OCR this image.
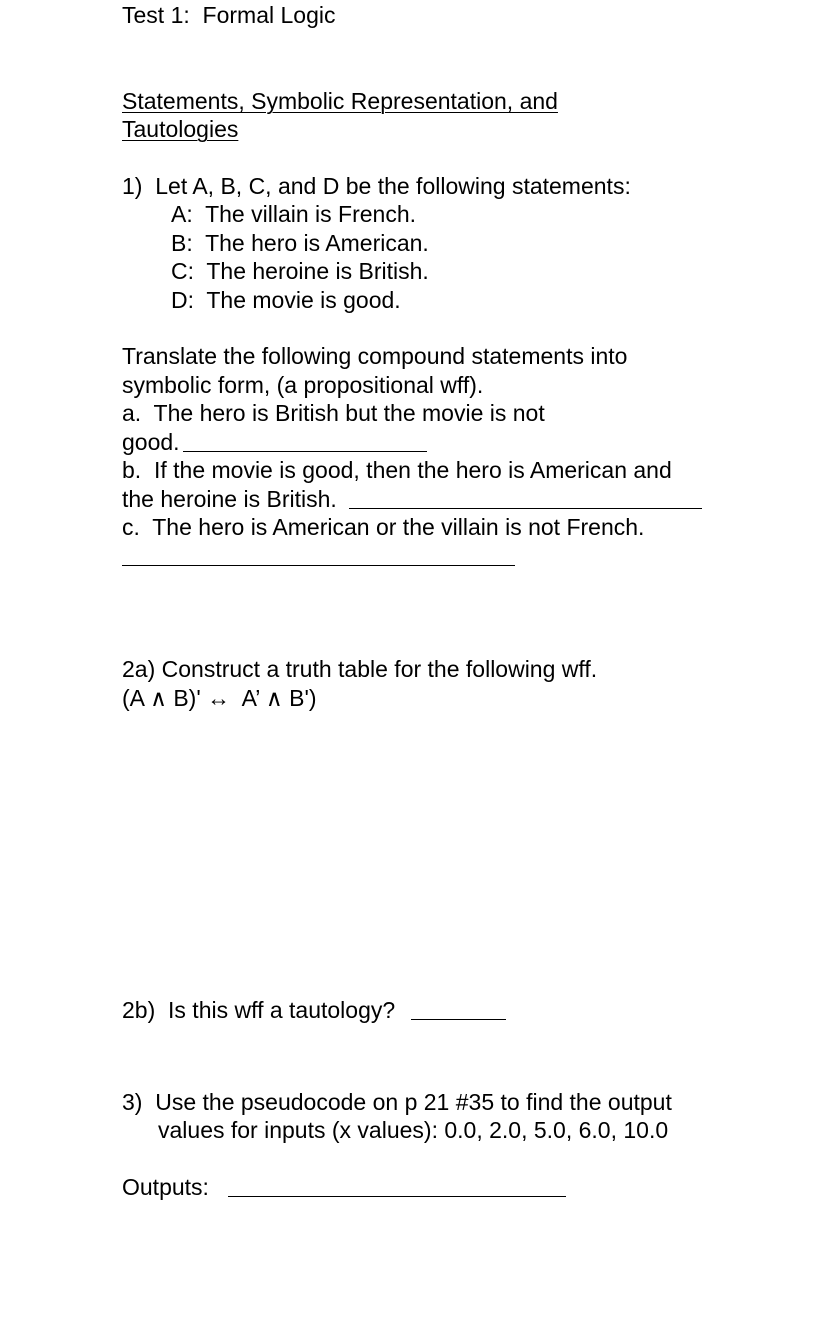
Test 1:  Formal Logic
Statements, Symbolic Representation, and
Tautologies
1)  Let A, B, C, and D be the following statements:
A:  The villain is French.
B:  The hero is American.
C:  The heroine is British.
D:  The movie is good.
Translate the following compound statements into
symbolic form, (a propositional wff).
a.  The hero is British but the movie is not
good.
b.  If the movie is good, then the hero is American and
the heroine is British.
c.  The hero is American or the villain is not French.
2a) Construct a truth table for the following wff.
(A ∧ B)' ↔  A’ ∧ B')
2b)  Is this wff a tautology?
3)  Use the pseudocode on p 21 #35 to find the output
values for inputs (x values): 0.0, 2.0, 5.0, 6.0, 10.0
Outputs:
